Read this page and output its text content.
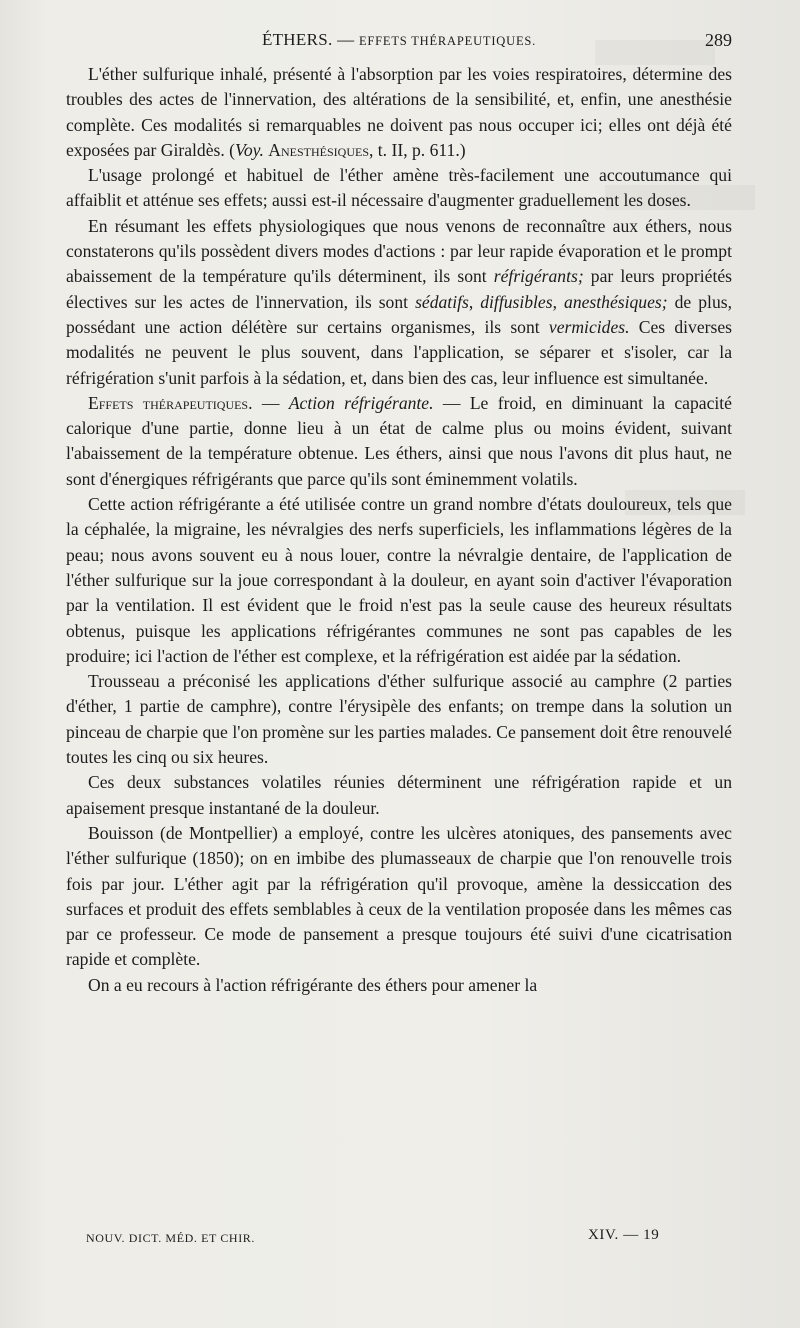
ÉTHERS. — EFFETS THÉRAPEUTIQUES.	289

L'éther sulfurique inhalé, présenté à l'absorption par les voies respiratoires, détermine des troubles des actes de l'innervation, des altérations de la sensibilité, et, enfin, une anesthésie complète. Ces modalités si remarquables ne doivent pas nous occuper ici; elles ont déjà été exposées par Giraldès. (Voy. Anesthésiques, t. II, p. 611.)

L'usage prolongé et habituel de l'éther amène très-facilement une accoutumance qui affaiblit et atténue ses effets; aussi est-il nécessaire d'augmenter graduellement les doses.

En résumant les effets physiologiques que nous venons de reconnaître aux éthers, nous constaterons qu'ils possèdent divers modes d'actions : par leur rapide évaporation et le prompt abaissement de la température qu'ils déterminent, ils sont réfrigérants; par leurs propriétés électives sur les actes de l'innervation, ils sont sédatifs, diffusibles, anesthésiques; de plus, possédant une action délétère sur certains organismes, ils sont vermicides. Ces diverses modalités ne peuvent le plus souvent, dans l'application, se séparer et s'isoler, car la réfrigération s'unit parfois à la sédation, et, dans bien des cas, leur influence est simultanée.

Effets thérapeutiques. — Action réfrigérante. — Le froid, en diminuant la capacité calorique d'une partie, donne lieu à un état de calme plus ou moins évident, suivant l'abaissement de la température obtenue. Les éthers, ainsi que nous l'avons dit plus haut, ne sont d'énergiques réfrigérants que parce qu'ils sont éminemment volatils.

Cette action réfrigérante a été utilisée contre un grand nombre d'états douloureux, tels que la céphalée, la migraine, les névralgies des nerfs superficiels, les inflammations légères de la peau; nous avons souvent eu à nous louer, contre la névralgie dentaire, de l'application de l'éther sulfurique sur la joue correspondant à la douleur, en ayant soin d'activer l'évaporation par la ventilation. Il est évident que le froid n'est pas la seule cause des heureux résultats obtenus, puisque les applications réfrigérantes communes ne sont pas capables de les produire; ici l'action de l'éther est complexe, et la réfrigération est aidée par la sédation.

Trousseau a préconisé les applications d'éther sulfurique associé au camphre (2 parties d'éther, 1 partie de camphre), contre l'érysipèle des enfants; on trempe dans la solution un pinceau de charpie que l'on promène sur les parties malades. Ce pansement doit être renouvelé toutes les cinq ou six heures.

Ces deux substances volatiles réunies déterminent une réfrigération rapide et un apaisement presque instantané de la douleur.

Bouisson (de Montpellier) a employé, contre les ulcères atoniques, des pansements avec l'éther sulfurique (1850); on en imbibe des plumasseaux de charpie que l'on renouvelle trois fois par jour. L'éther agit par la réfrigération qu'il provoque, amène la dessiccation des surfaces et produit des effets semblables à ceux de la ventilation proposée dans les mêmes cas par ce professeur. Ce mode de pansement a presque toujours été suivi d'une cicatrisation rapide et complète.

On a eu recours à l'action réfrigérante des éthers pour amener la

NOUV. DICT. MÉD. ET CHIR.	XIV. — 19
